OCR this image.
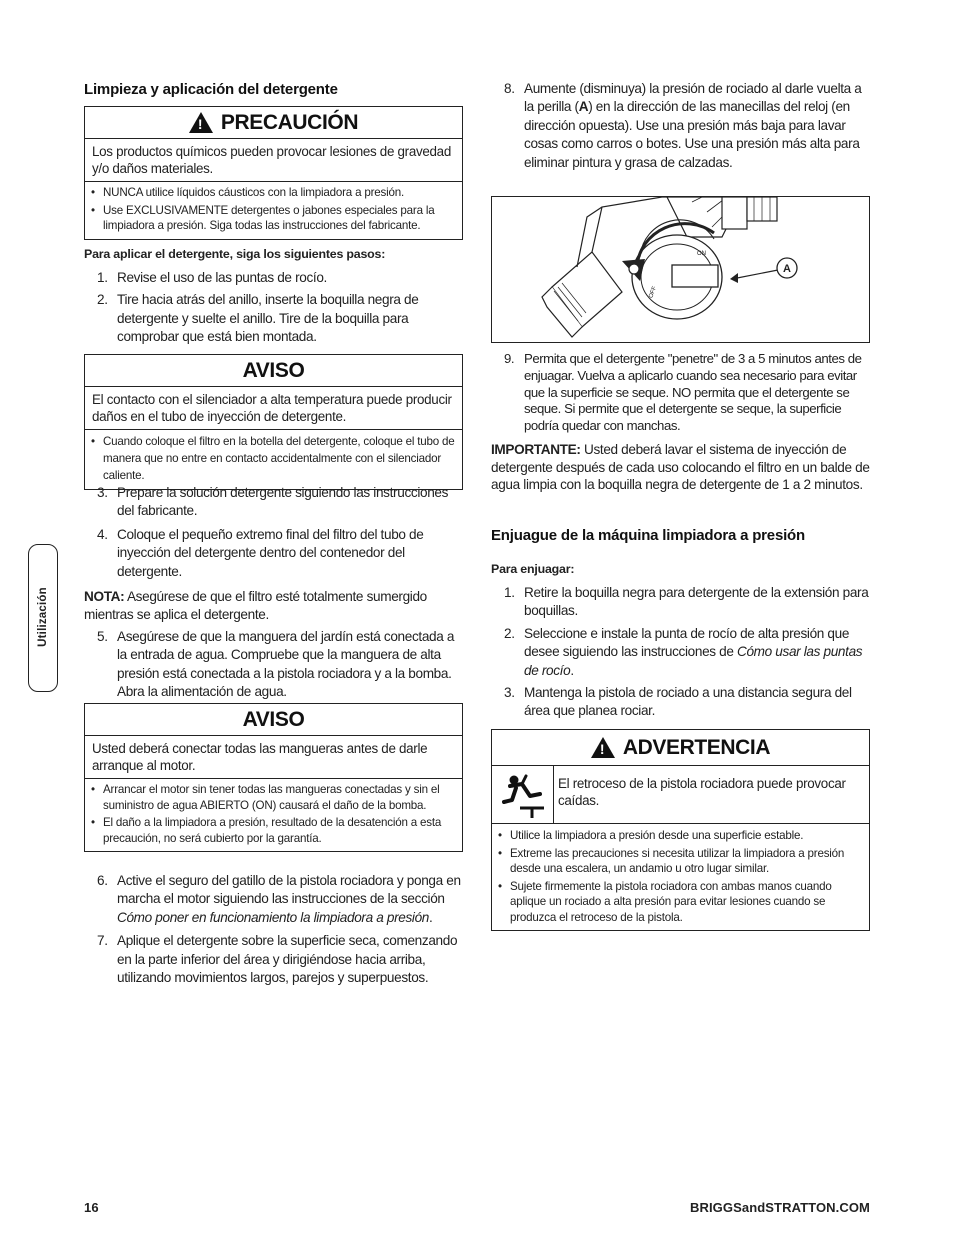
Utilización
Limpieza y aplicación del detergente
!
PRECAUCIÓN
Los productos químicos pueden provocar lesiones de gravedad y/o daños materiales.
• NUNCA utilice líquidos cáusticos con la limpiadora a presión.
• Use EXCLUSIVAMENTE detergentes o jabones especiales para la limpiadora a presión. Siga todas las instrucciones del fabricante.
Para aplicar el detergente, siga los siguientes pasos:
1. Revise el uso de las puntas de rocío.
2. Tire hacia atrás del anillo, inserte la boquilla negra de detergente y suelte el anillo. Tire de la boquilla para comprobar que está bien montada.
AVISO
El contacto con el silenciador a alta temperatura puede producir daños en el tubo de inyección de detergente.
• Cuando coloque el filtro en la botella del detergente, coloque el tubo de manera que no entre en contacto accidentalmente con el silenciador caliente.
3. Prepare la solución detergente siguiendo las instrucciones del fabricante.
4. Coloque el pequeño extremo final del filtro del tubo de inyección del detergente dentro del contenedor del detergente.
NOTA: Asegúrese de que el filtro esté totalmente sumergido mientras se aplica el detergente.
5. Asegúrese de que la manguera del jardín está conectada a la entrada de agua. Compruebe que la manguera de alta presión está conectada a la pistola rociadora y a la bomba. Abra la alimentación de agua.
AVISO
Usted deberá conectar todas las mangueras antes de darle arranque al motor.
• Arrancar el motor sin tener todas las mangueras conectadas y sin el suministro de agua ABIERTO (ON) causará el daño de la bomba.
• El daño a la limpiadora a presión, resultado de la desatención a esta precaución, no será cubierto por la garantía.
6. Active el seguro del gatillo de la pistola rociadora y ponga en marcha el motor siguiendo las instrucciones de la sección Cómo poner en funcionamiento la limpiadora a presión.
7. Aplique el detergente sobre la superficie seca, comenzando en la parte inferior del área y dirigiéndose hacia arriba, utilizando movimientos largos, parejos y superpuestos.
8. Aumente (disminuya) la presión de rociado al darle vuelta a la perilla (A) en la dirección de las manecillas del reloj (en dirección opuesta). Use una presión más baja para lavar cosas como carros o botes. Use una presión más alta para eliminar pintura y grasa de calzadas.
ON
OFF
A
9. Permita que el detergente "penetre" de 3 a 5 minutos antes de enjuagar. Vuelva a aplicarlo cuando sea necesario para evitar que la superficie se seque. NO permita que el detergente se seque. Si permite que el detergente se seque, la superficie podría quedar con manchas.
IMPORTANTE: Usted deberá lavar el sistema de inyección de detergente después de cada uso colocando el filtro en un balde de agua limpia con la boquilla negra de detergente de 1 a 2 minutos.
Enjuague de la máquina limpiadora a presión
Para enjuagar:
1. Retire la boquilla negra para detergente de la extensión para boquillas.
2. Seleccione e instale la punta de rocío de alta presión que desee siguiendo las instrucciones de Cómo usar las puntas de rocío.
3. Mantenga la pistola de rociado a una distancia segura del área que planea rociar.
!
ADVERTENCIA
El retroceso de la pistola rociadora puede provocar caídas.
• Utilice la limpiadora a presión desde una superficie estable.
• Extreme las precauciones si necesita utilizar la limpiadora a presión desde una escalera, un andamio u otro lugar similar.
• Sujete firmemente la pistola rociadora con ambas manos cuando aplique un rociado a alta presión para evitar lesiones cuando se produzca el retroceso de la pistola.
16	BRIGGSandSTRATTON.COM
